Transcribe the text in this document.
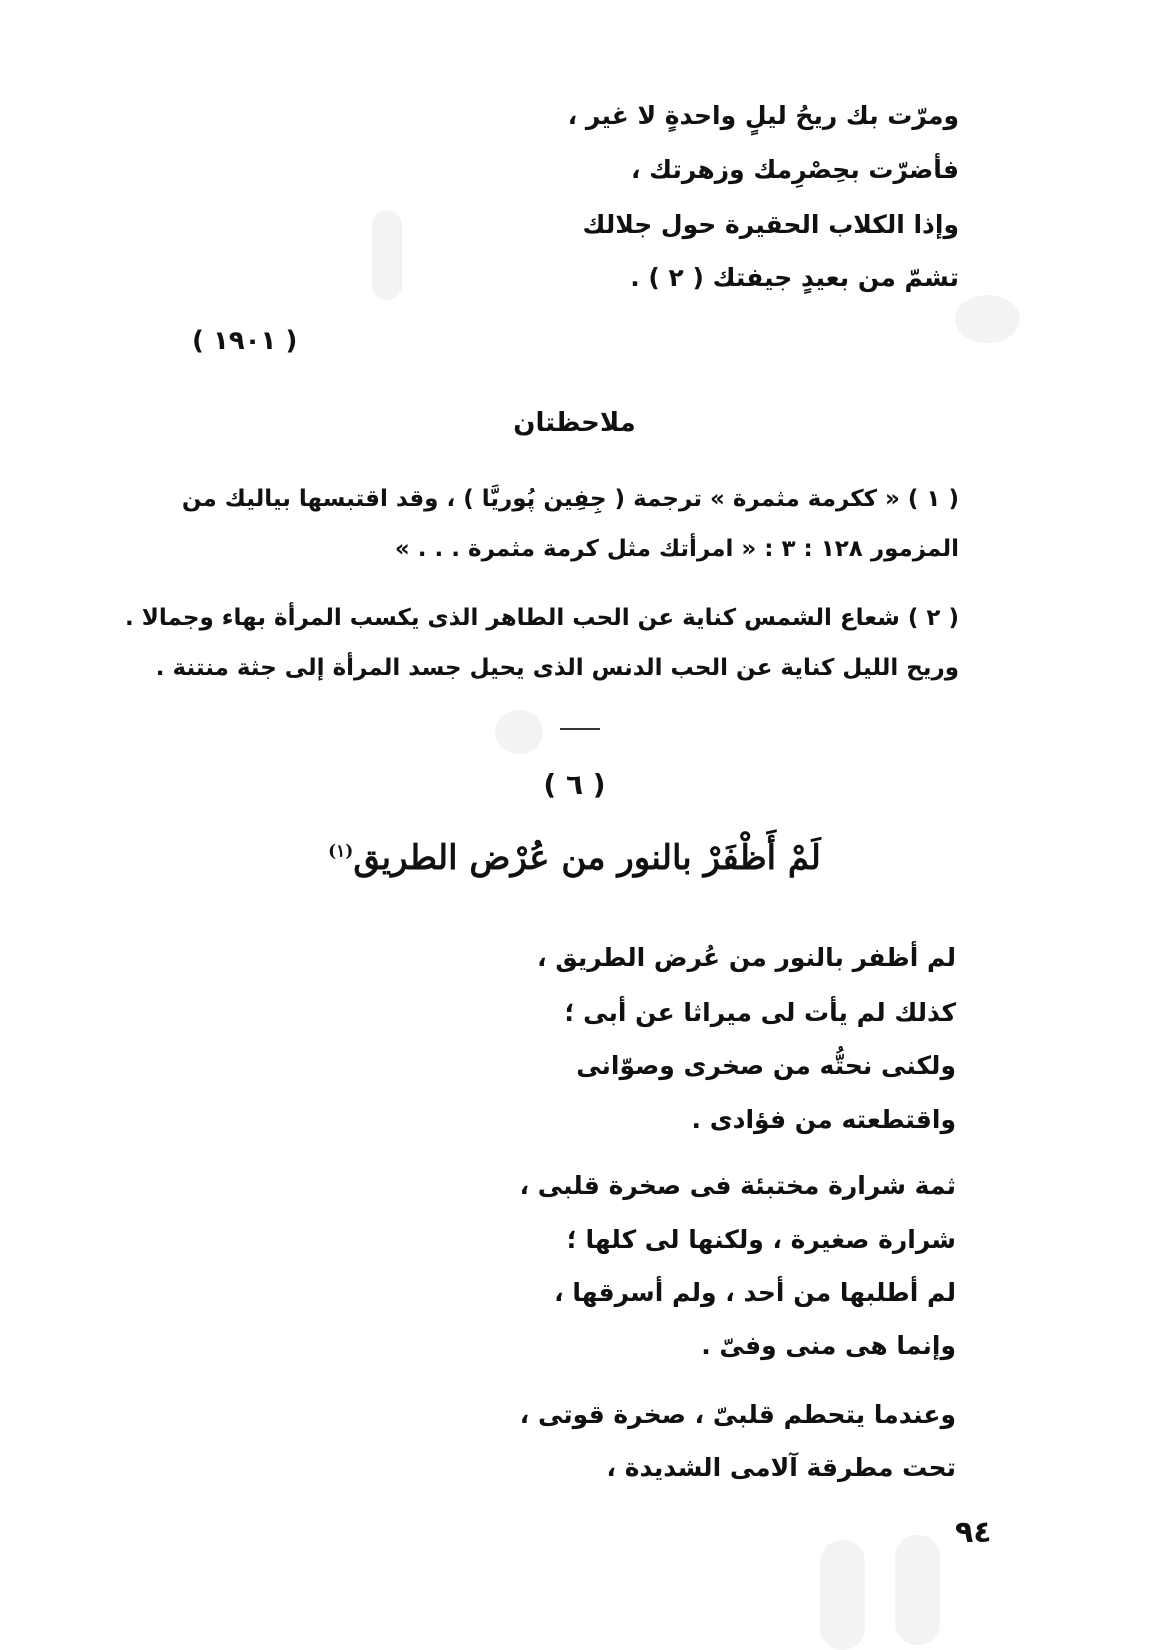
ومرّت بك ريحُ ليلٍ واحدةٍ لا غير ،
فأضرّت بحِصْرِمك وزهرتك ،
وإذا الكلاب الحقيرة حول جلالك
تشمّ من بعيدٍ جيفتك ( ٢ ) .
( ١٩٠١ )
ملاحظتان
( ١ ) « ككرمة مثمرة » ترجمة ( جِفِين پُوريَّا ) ، وقد اقتبسها بياليك من
المزمور ١٢٨ : ٣ : « امرأتك مثل كرمة مثمرة . . . »
( ٢ ) شعاع الشمس كناية عن الحب الطاهر الذى يكسب المرأة بهاء وجمالا .
وريح الليل كناية عن الحب الدنس الذى يحيل جسد المرأة إلى جثة منتنة .
( ٦ )
لَمْ أَظْفَرْ بالنور من عُرْض الطريق$^{(١)}$
لم أظفر بالنور من عُرض الطريق ،
كذلك لم يأت لى ميراثا عن أبى ؛
ولكنى نحتُّه من صخرى وصوّانى
واقتطعته من فؤادى .
ثمة شرارة مختبئة فى صخرة قلبى ،
شرارة صغيرة ، ولكنها لى كلها ؛
لم أطلبها من أحد ، ولم أسرقها ،
وإنما هى منى وفىّ .
وعندما يتحطم قلبىّ ، صخرة قوتى ،
تحت مطرقة آلامى الشديدة ،
٩٤
